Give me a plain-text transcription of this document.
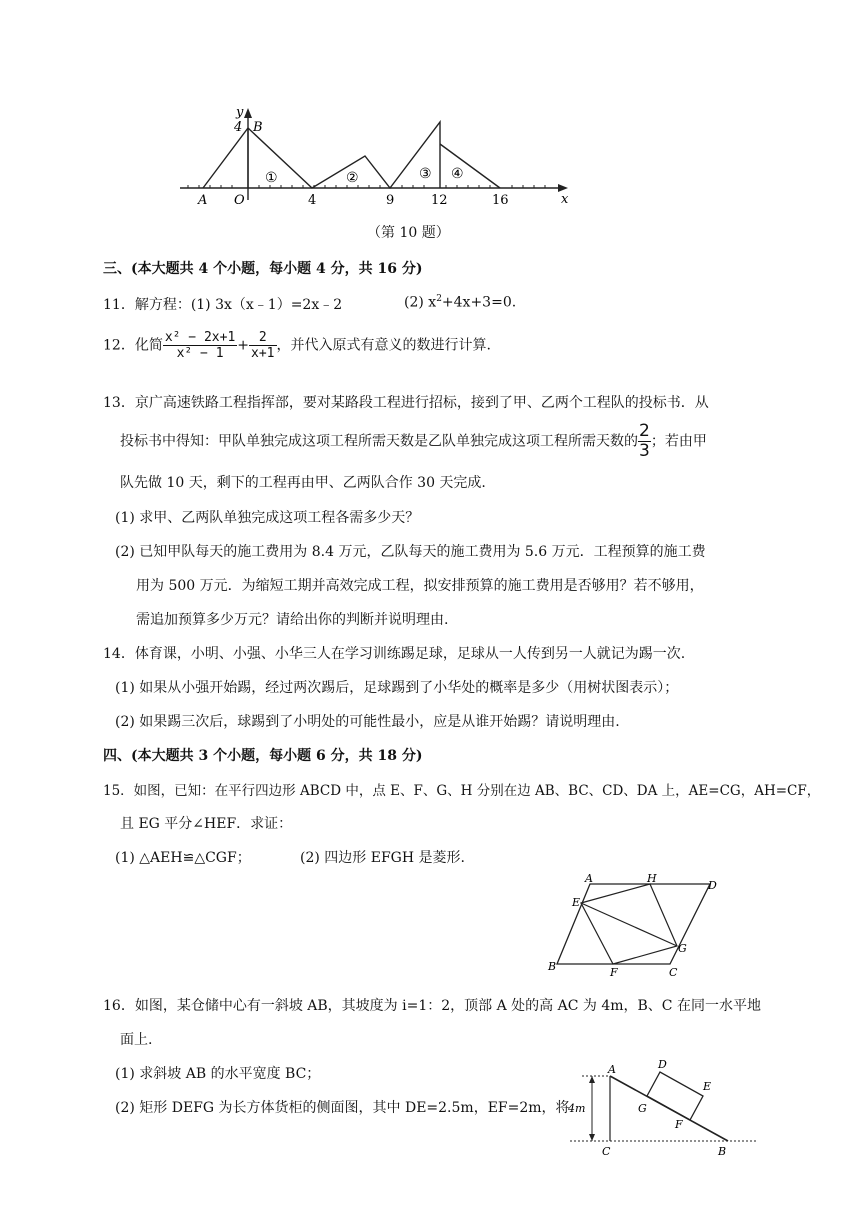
y
x
4 B
A O	4	9	12	16
①	②	③ ④
（第 10 题）
三、(本大题共 4 个小题，每小题 4 分，共 16 分)
11．解方程：(1) 3x（x﹣1）=2x﹣2	(2) $x^2+4x+3=0$.
12．化简 $\frac{\text{x² − 2x+1}}{\text{x² − 1}} + \frac{2}{x+1}$ ，并代入原式有意义的数进行计算.
13．京广高速铁路工程指挥部，要对某路段工程进行招标，接到了甲、乙两个工程队的投标书．从
投标书中得知：甲队单独完成这项工程所需天数是乙队单独完成这项工程所需天数的 $\frac{2}{3}$ ；若由甲
队先做 10 天，剩下的工程再由甲、乙两队合作 30 天完成.
(1) 求甲、乙两队单独完成这项工程各需多少天？
(2) 已知甲队每天的施工费用为 8.4 万元，乙队每天的施工费用为 5.6 万元．工程预算的施工费
用为 500 万元．为缩短工期并高效完成工程，拟安排预算的施工费用是否够用？若不够用，
需追加预算多少万元？请给出你的判断并说明理由.
14．体育课，小明、小强、小华三人在学习训练踢足球，足球从一人传到另一人就记为踢一次.
(1) 如果从小强开始踢，经过两次踢后，足球踢到了小华处的概率是多少（用树状图表示）；
(2) 如果踢三次后，球踢到了小明处的可能性最小，应是从谁开始踢？请说明理由.
四、(本大题共 3 个小题，每小题 6 分，共 18 分)
15．如图，已知：在平行四边形 ABCD 中，点 E、F、G、H 分别在边 AB、BC、CD、DA 上，AE=CG，AH=CF，
且 EG 平分∠HEF．求证：
(1) △AEH≌△CGF；	(2) 四边形 EFGH 是菱形.
A	H
D
E
G
B	F	C
16．如图，某仓储中心有一斜坡 AB，其坡度为 i=1：2，顶部 A 处的高 AC 为 4m，B、C 在同一水平地
面上.
(1) 求斜坡 AB 的水平宽度 BC；
(2) 矩形 DEFG 为长方体货柜的侧面图，其中 DE=2.5m，EF=2m，将
A	D
E
G
F
C	B
4m
